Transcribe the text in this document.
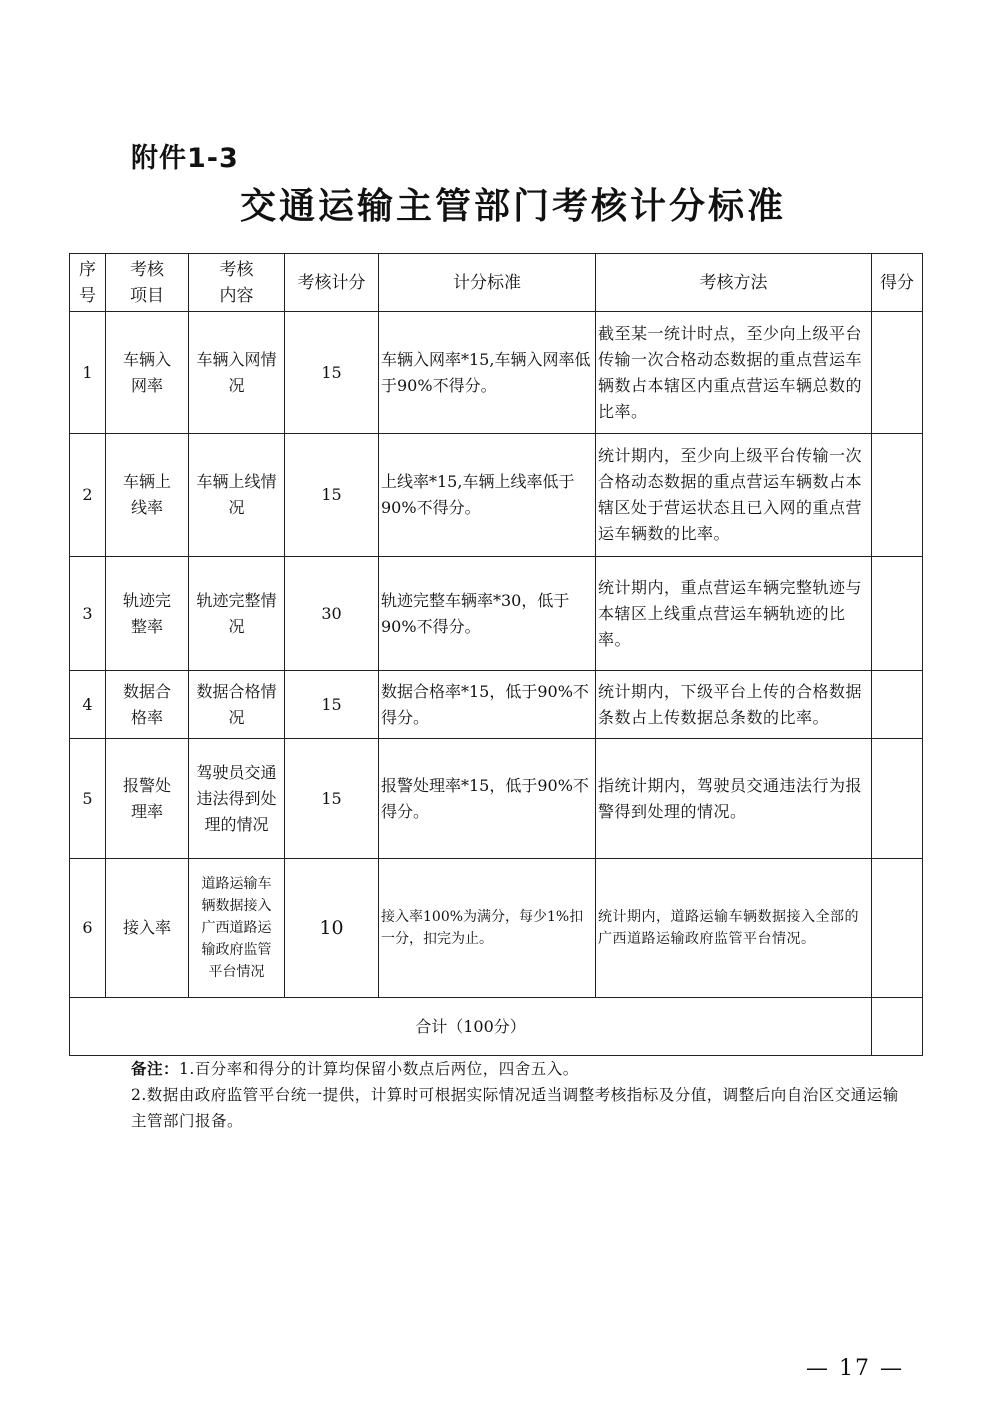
附件1-3
交通运输主管部门考核计分标准
序号	考核项目	考核内容	考核计分	计分标准	考核方法	得分
1	车辆入网率	车辆入网情况	15	车辆入网率*15,车辆入网率低于90%不得分。	截至某一统计时点，至少向上级平台传输一次合格动态数据的重点营运车辆数占本辖区内重点营运车辆总数的比率。	
2	车辆上线率	车辆上线情况	15	上线率*15,车辆上线率低于90%不得分。	统计期内，至少向上级平台传输一次合格动态数据的重点营运车辆数占本辖区处于营运状态且已入网的重点营运车辆数的比率。	
3	轨迹完整率	轨迹完整情况	30	轨迹完整车辆率*30，低于90%不得分。	统计期内，重点营运车辆完整轨迹与本辖区上线重点营运车辆轨迹的比率。	
4	数据合格率	数据合格情况	15	数据合格率*15，低于90%不得分。	统计期内，下级平台上传的合格数据条数占上传数据总条数的比率。	
5	报警处理率	驾驶员交通违法得到处理的情况	15	报警处理率*15，低于90%不得分。	指统计期内，驾驶员交通违法行为报警得到处理的情况。	
6	接入率	道路运输车辆数据接入广西道路运输政府监管平台情况	10	接入率100%为满分，每少1%扣一分，扣完为止。	统计期内，道路运输车辆数据接入全部的广西道路运输政府监管平台情况。	
合计（100分）						
备注：1.百分率和得分的计算均保留小数点后两位，四舍五入。
2.数据由政府监管平台统一提供，计算时可根据实际情况适当调整考核指标及分值，调整后向自治区交通运输主管部门报备。
— 17 —
